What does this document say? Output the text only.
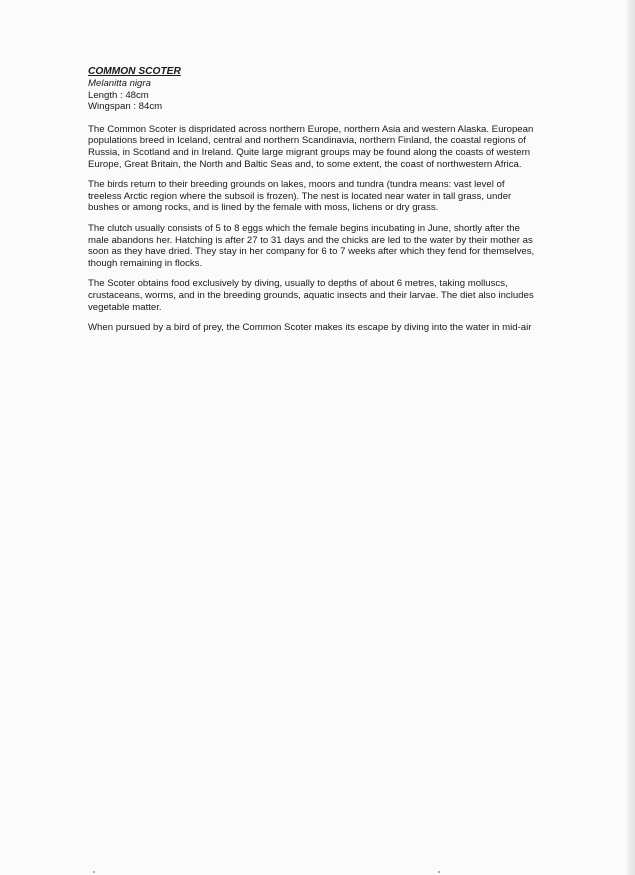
COMMON SCOTER
Melanitta nigra
Length : 48cm
Wingspan : 84cm

The Common Scoter is dispridated across northern Europe, northern Asia and western Alaska. European populations breed in Iceland, central and northern Scandinavia, northern Finland, the coastal regions of Russia, in Scotland and in Ireland. Quite large migrant groups may be found along the coasts of western Europe, Great Britain, the North and Baltic Seas and, to some extent, the coast of northwestern Africa.

The birds return to their breeding grounds on lakes, moors and tundra (tundra means: vast level of treeless Arctic region where the subsoil is frozen). The nest is located near water in tall grass, under bushes or among rocks, and is lined by the female with moss, lichens or dry grass.

The clutch usually consists of 5 to 8 eggs which the female begins incubating in June, shortly after the male abandons her. Hatching is after 27 to 31 days and the chicks are led to the water by their mother as soon as they have dried. They stay in her company for 6 to 7 weeks after which they fend for themselves, though remaining in flocks.

The Scoter obtains food exclusively by diving, usually to depths of about 6 metres, taking molluscs, crustaceans, worms, and in the breeding grounds, aquatic insects and their larvae. The diet also includes vegetable matter.

When pursued by a bird of prey, the Common Scoter makes its escape by diving into the water in mid-air
